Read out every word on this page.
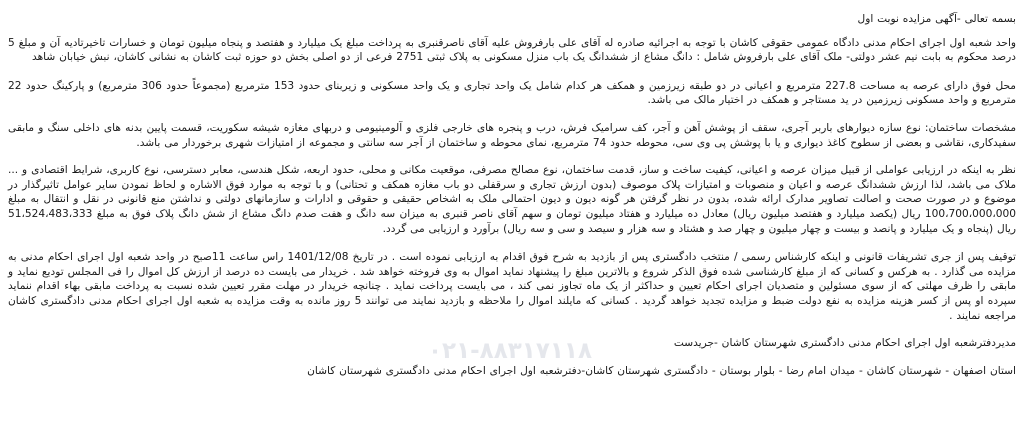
بسمه تعالی -آگهی مزایده نوبت اول

واحد شعبه اول اجرای احکام مدنی دادگاه عمومی حقوقی کاشان با توجه به اجرائیه صادره له آقای علی بارفروش علیه آقای ناصرقنبری به پرداخت مبلغ یک میلیارد و هفتصد و پنجاه میلیون تومان و خسارات تاخیرتادیه آن و مبلغ 5 درصد محکوم به بابت نیم عشر دولتی- ملک آقای علی بارفروش شامل : دانگ مشاع از ششدانگ یک باب منزل مسکونی به پلاک ثبتی 2751 فرعی از دو اصلی بخش دو حوزه ثبت کاشان به نشانی کاشان، نبش خیابان شاهد

محل فوق دارای عرصه به مساحت 227.8 مترمربع و اعیانی در دو طبقه زیرزمین و همکف هر کدام شامل یک واحد تجاری و یک واحد مسکونی و زیربنای حدود 153 مترمربع (مجموعاً حدود 306 مترمربع) و پارکینگ حدود 22 مترمربع و واحد مسکونی زیرزمین در ید مستاجر و همکف در اختیار مالک می باشد.

مشخصات ساختمان: نوع سازه دیوارهای باربر آجری، سقف از پوشش آهن و آجر، کف سرامیک فرش، درب و پنجره های خارجی فلزی و آلومینیومی و دربهای مغازه شیشه سکوریت، قسمت پایین بدنه های داخلی سنگ و مابقی سفیدکاری، نقاشی و بعضی از سطوح کاغذ دیواری و یا با پوشش پی وی سی، محوطه حدود 74 مترمربع، نمای محوطه و ساختمان از آجر سه سانتی و مجموعه از امتیازات شهری برخوردار می باشد.

نظر به اینکه در ارزیابی عواملی از قبیل میزان عرصه و اعیانی، کیفیت ساخت و ساز، قدمت ساختمان، نوع مصالح مصرفی، موقعیت مکانی و محلی، حدود اربعه، شکل هندسی، معابر دسترسی، نوع کاربری، شرایط اقتصادی و ... ملاک می باشد، لذا ارزش ششدانگ عرصه و اعیان و منصوبات و امتیازات پلاک موصوف (بدون ارزش تجاری و سرقفلی دو باب مغازه همکف و تحتانی) و با توجه به موارد فوق الاشاره و لحاظ نمودن سایر عوامل تاثیرگذار در موضوع و در صورت صحت و اصالت تصاویر مدارک ارائه شده، بدون در نظر گرفتن هر گونه دیون و دیون احتمالی ملک به اشخاص حقیقی و حقوقی و ادارات و سازمانهای دولتی و نداشتن منع قانونی در نقل و انتقال به مبلغ 100،700،000،000 ریال (یکصد میلیارد و هفتصد میلیون ریال) معادل ده میلیارد و هفتاد میلیون تومان و سهم آقای ناصر قنبری به میزان سه دانگ و هفت صدم دانگ مشاع از شش دانگ پلاک فوق به مبلغ 51،524،483،333 ریال (پنجاه و یک میلیارد و پانصد و بیست و چهار میلیون و چهار صد و هشتاد و سه هزار و سیصد و سی و سه ریال) برآورد و ارزیابی می گردد.

توقیف پس از جری تشریفات قانونی و اینکه کارشناس رسمی / منتخب دادگستری پس از بازدید به شرح فوق اقدام به ارزیابی نموده است . در تاریخ 1401/12/08 راس ساعت 11صبح در واحد شعبه اول اجرای احکام مدنی به مزایده می گذارد . به هرکس و کسانی که از مبلغ کارشناسی شده فوق الذکر شروع و بالاترین مبلغ را پیشنهاد نماید اموال به وی فروخته خواهد شد . خریدار می بایست ده درصد از ارزش کل اموال را فی المجلس تودیع نماید و مابقی را ظرف مهلتی که از سوی مسئولین و متصدیان اجرای احکام تعیین و حداکثر از یک ماه تجاوز نمی کند ، می بایست پرداخت نماید . چنانچه خریدار در مهلت مقرر تعیین شده نسبت به پرداخت مابقی بهاء اقدام ننماید سپرده او پس از کسر هزینه مزایده به نفع دولت ضبط و مزایده تجدید خواهد گردید . کسانی که مایلند اموال را ملاحظه و بازدید نمایند می توانند 5 روز مانده به وقت مزایده به شعبه اول اجرای احکام مدنی دادگستری کاشان مراجعه نمایند .

مدیردفترشعبه اول اجرای احکام مدنی دادگستری شهرستان کاشان -جریدست

استان اصفهان - شهرستان کاشان - میدان امام رضا - بلوار بوستان - دادگستری شهرستان کاشان-دفترشعبه اول اجرای احکام مدنی دادگستری شهرستان کاشان

۰۲۱-۸۸۳۱۷۱۱۸
